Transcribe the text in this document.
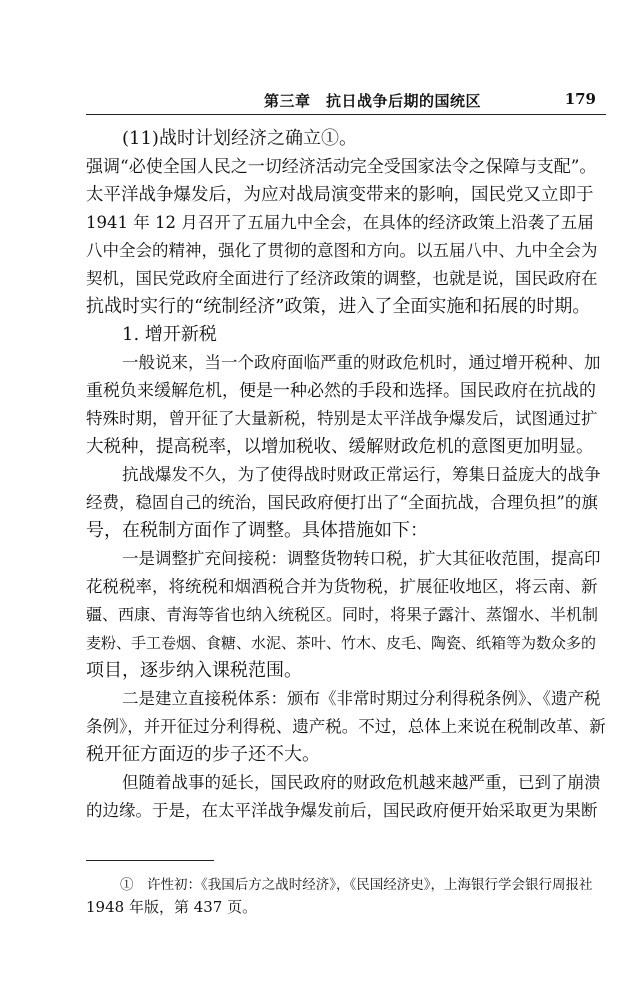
第三章　抗日战争后期的国统区	179
(11)战时计划经济之确立①。
强调“必使全国人民之一切经济活动完全受国家法令之保障与支配”。
太平洋战争爆发后，为应对战局演变带来的影响，国民党又立即于
1941 年 12 月召开了五届九中全会，在具体的经济政策上沿袭了五届
八中全会的精神，强化了贯彻的意图和方向。以五届八中、九中全会为
契机，国民党政府全面进行了经济政策的调整，也就是说，国民政府在
抗战时实行的“统制经济”政策，进入了全面实施和拓展的时期。
1. 增开新税
一般说来，当一个政府面临严重的财政危机时，通过增开税种、加
重税负来缓解危机，便是一种必然的手段和选择。国民政府在抗战的
特殊时期，曾开征了大量新税，特别是太平洋战争爆发后，试图通过扩
大税种，提高税率，以增加税收、缓解财政危机的意图更加明显。
抗战爆发不久，为了使得战时财政正常运行，筹集日益庞大的战争
经费，稳固自己的统治，国民政府便打出了“全面抗战，合理负担”的旗
号，在税制方面作了调整。具体措施如下：
一是调整扩充间接税：调整货物转口税，扩大其征收范围，提高印
花税税率，将统税和烟酒税合并为货物税，扩展征收地区，将云南、新
疆、西康、青海等省也纳入统税区。同时，将果子露汁、蒸馏水、半机制
麦粉、手工卷烟、食糖、水泥、茶叶、竹木、皮毛、陶瓷、纸箱等为数众多的
项目，逐步纳入课税范围。
二是建立直接税体系：颁布《非常时期过分利得税条例》、《遗产税
条例》，并开征过分利得税、遗产税。不过，总体上来说在税制改革、新
税开征方面迈的步子还不大。
但随着战事的延长，国民政府的财政危机越来越严重，已到了崩溃
的边缘。于是，在太平洋战争爆发前后，国民政府便开始采取更为果断
①　许性初：《我国后方之战时经济》，《民国经济史》，上海银行学会银行周报社
1948 年版，第 437 页。
